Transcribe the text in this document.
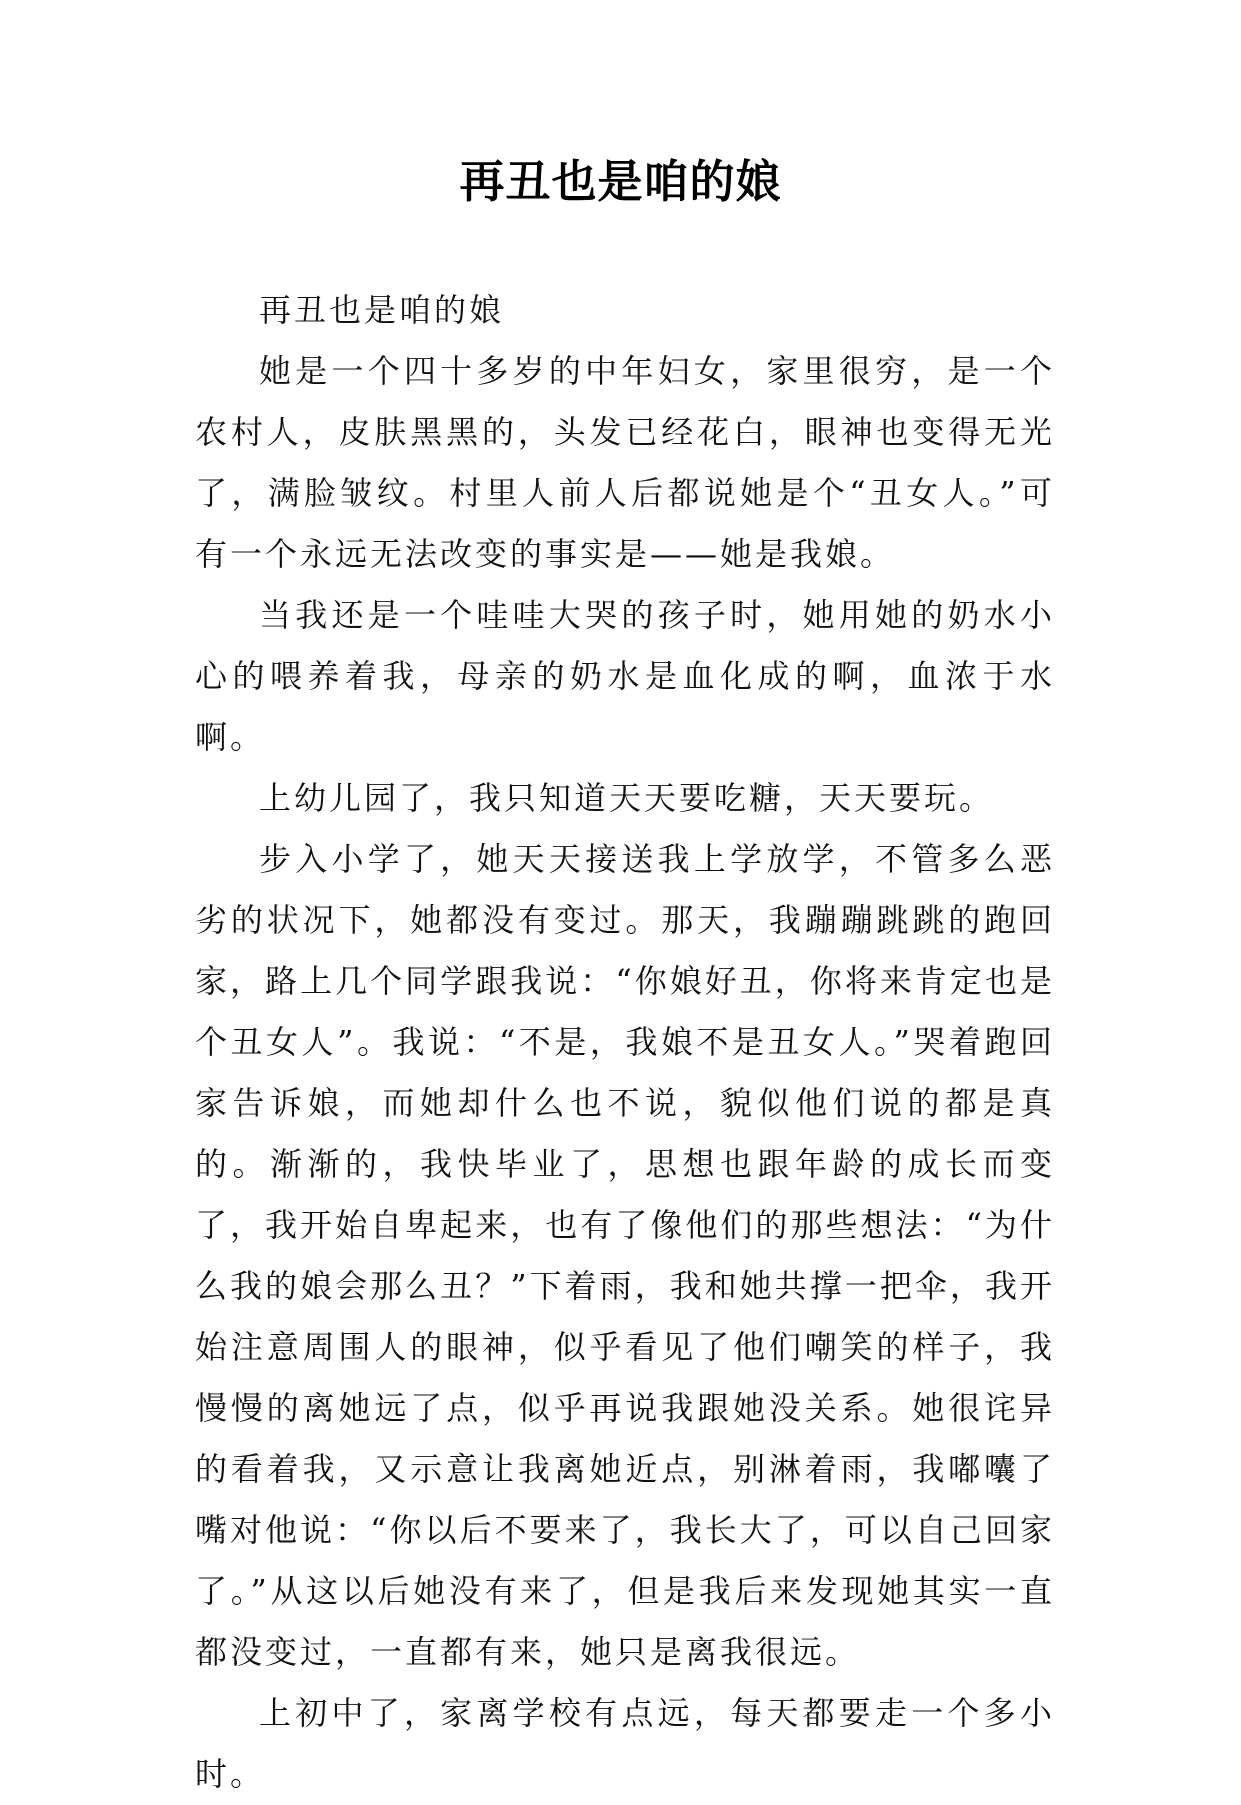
再丑也是咱的娘

再丑也是咱的娘

她是一个四十多岁的中年妇女，家里很穷，是一个农村人，皮肤黑黑的，头发已经花白，眼神也变得无光了，满脸皱纹。村里人前人后都说她是个“丑女人。”可有一个永远无法改变的事实是——她是我娘。

当我还是一个哇哇大哭的孩子时，她用她的奶水小心的喂养着我，母亲的奶水是血化成的啊，血浓于水啊。

上幼儿园了，我只知道天天要吃糖，天天要玩。

步入小学了，她天天接送我上学放学，不管多么恶劣的状况下，她都没有变过。那天，我蹦蹦跳跳的跑回家，路上几个同学跟我说：“你娘好丑，你将来肯定也是个丑女人”。我说：“不是，我娘不是丑女人。”哭着跑回家告诉娘，而她却什么也不说，貌似他们说的都是真的。渐渐的，我快毕业了，思想也跟年龄的成长而变了，我开始自卑起来，也有了像他们的那些想法：“为什么我的娘会那么丑？”下着雨，我和她共撑一把伞，我开始注意周围人的眼神，似乎看见了他们嘲笑的样子，我慢慢的离她远了点，似乎再说我跟她没关系。她很诧异的看着我，又示意让我离她近点，别淋着雨，我嘟囔了嘴对他说：“你以后不要来了，我长大了，可以自己回家了。”从这以后她没有来了，但是我后来发现她其实一直都没变过，一直都有来，她只是离我很远。

上初中了，家离学校有点远，每天都要走一个多小时。
